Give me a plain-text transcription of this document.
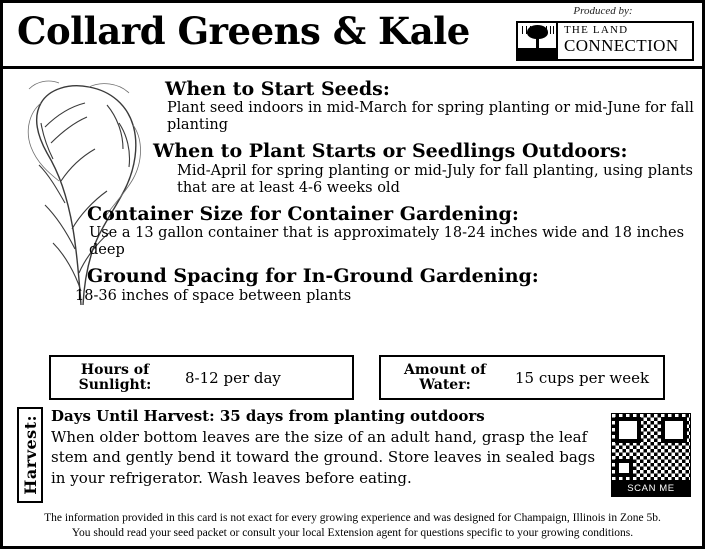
Collard Greens & Kale	Produced by:
THE LAND
CONNECTION
When to Start Seeds:
Plant seed indoors in mid-March for spring planting or mid-June for fall planting
When to Plant Starts or Seedlings Outdoors:
Mid-April for spring planting or mid-July for fall planting, using plants that are at least 4-6 weeks old
Container Size for Container Gardening:
Use a 13 gallon container that is approximately 18-24 inches wide and 18 inches deep
Ground Spacing for In-Ground Gardening:
18-36 inches of space between plants
Hours of Sunlight:	8-12 per day	Amount of Water:	15 cups per week
Harvest: Days Until Harvest: 35 days from planting outdoors
When older bottom leaves are the size of an adult hand, grasp the leaf stem and gently bend it toward the ground. Store leaves in sealed bags in your refrigerator. Wash leaves before eating.
SCAN ME
The information provided in this card is not exact for every growing experience and was designed for Champaign, Illinois in Zone 5b.
You should read your seed packet or consult your local Extension agent for questions specific to your growing conditions.
